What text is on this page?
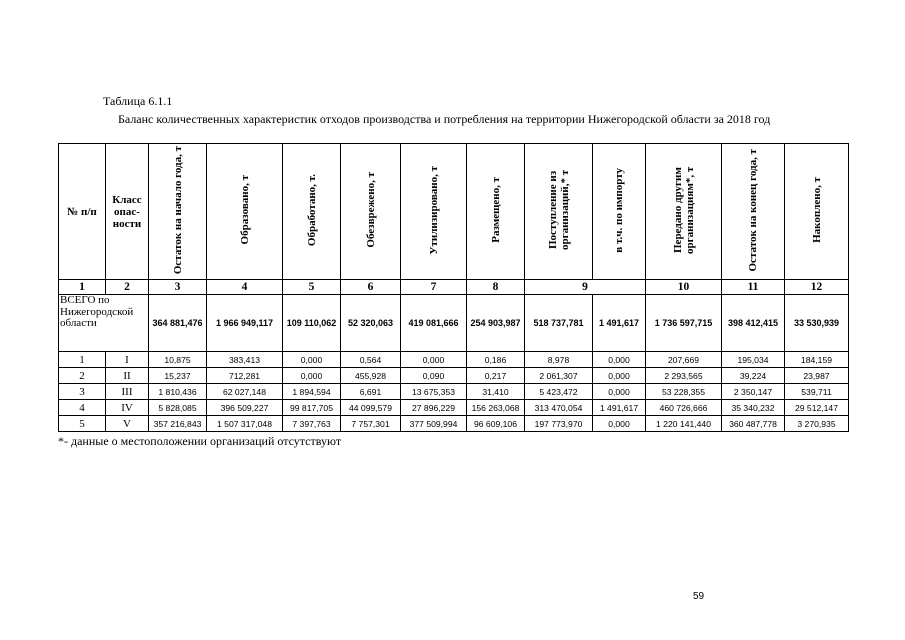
Таблица 6.1.1
Баланс количественных характеристик отходов производства и потребления на территории Нижегородской области за 2018 год
№ п/п	Класс опас-ности	Остаток на начало года, т	Образовано, т	Обработано, т.	Обезврежено, т	Утилизировано, т	Размещено, т	Поступление из организаций,* т	в т.ч. по импорту	Передано другим организациям*, т	Остаток на конец года, т	Накоплено, т
1	2	3	4	5	6	7	8	9		10	11	12
ВСЕГО по Нижегородской области		364 881,476	1 966 949,117	109 110,062	52 320,063	419 081,666	254 903,987	518 737,781	1 491,617	1 736 597,715	398 412,415	33 530,939
1	I	10,875	383,413	0,000	0,564	0,000	0,186	8,978	0,000	207,669	195,034	184,159
2	II	15,237	712,281	0,000	455,928	0,090	0,217	2 061,307	0,000	2 293,565	39,224	23,987
3	III	1 810,436	62 027,148	1 894,594	6,691	13 675,353	31,410	5 423,472	0,000	53 228,355	2 350,147	539,711
4	IV	5 828,085	396 509,227	99 817,705	44 099,579	27 896,229	156 263,068	313 470,054	1 491,617	460 726,666	35 340,232	29 512,147
5	V	357 216,843	1 507 317,048	7 397,763	7 757,301	377 509,994	96 609,106	197 773,970	0,000	1 220 141,440	360 487,778	3 270,935
*- данные о местоположении организаций отсутствуют
59
